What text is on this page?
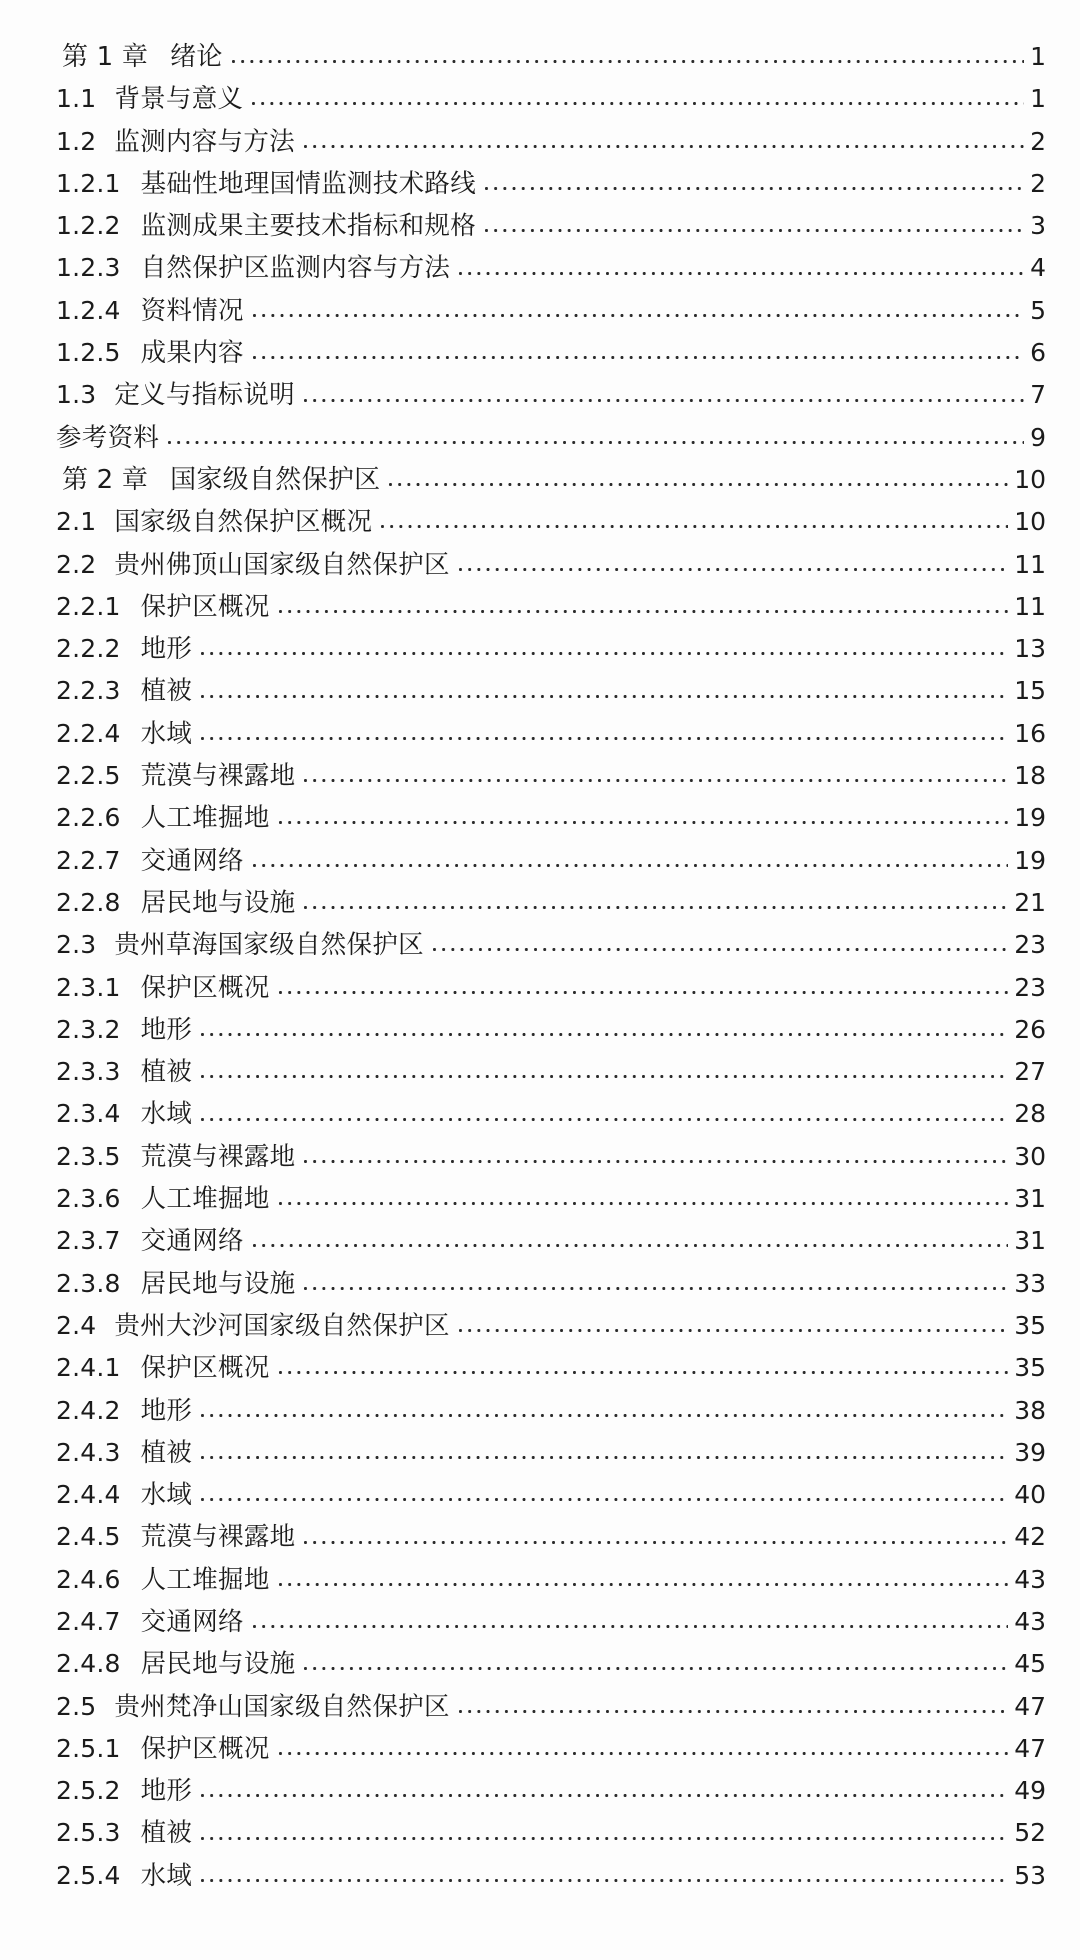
第 1 章 绪论	1
1.1 背景与意义	1
1.2 监测内容与方法	2
1.2.1 基础性地理国情监测技术路线	2
1.2.2 监测成果主要技术指标和规格	3
1.2.3 自然保护区监测内容与方法	4
1.2.4 资料情况	5
1.2.5 成果内容	6
1.3 定义与指标说明	7
参考资料	9
第 2 章 国家级自然保护区	10
2.1 国家级自然保护区概况	10
2.2 贵州佛顶山国家级自然保护区	11
2.2.1 保护区概况	11
2.2.2 地形	13
2.2.3 植被	15
2.2.4 水域	16
2.2.5 荒漠与裸露地	18
2.2.6 人工堆掘地	19
2.2.7 交通网络	19
2.2.8 居民地与设施	21
2.3 贵州草海国家级自然保护区	23
2.3.1 保护区概况	23
2.3.2 地形	26
2.3.3 植被	27
2.3.4 水域	28
2.3.5 荒漠与裸露地	30
2.3.6 人工堆掘地	31
2.3.7 交通网络	31
2.3.8 居民地与设施	33
2.4 贵州大沙河国家级自然保护区	35
2.4.1 保护区概况	35
2.4.2 地形	38
2.4.3 植被	39
2.4.4 水域	40
2.4.5 荒漠与裸露地	42
2.4.6 人工堆掘地	43
2.4.7 交通网络	43
2.4.8 居民地与设施	45
2.5 贵州梵净山国家级自然保护区	47
2.5.1 保护区概况	47
2.5.2 地形	49
2.5.3 植被	52
2.5.4 水域	53
